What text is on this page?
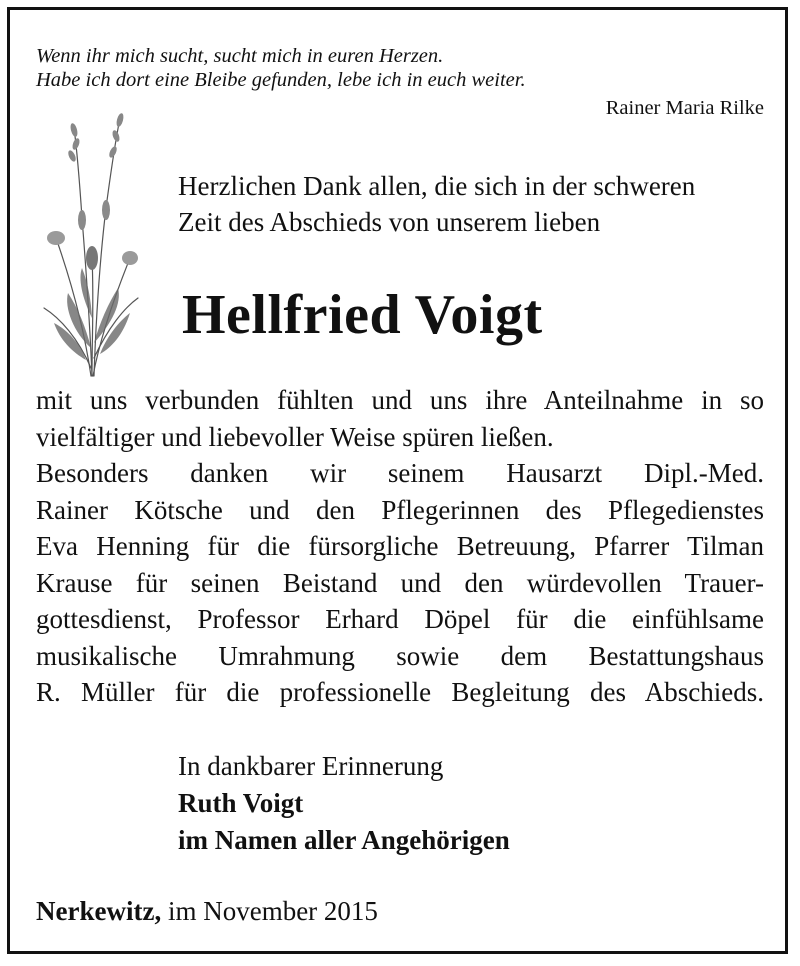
Wenn ihr mich sucht, sucht mich in euren Herzen.
Habe ich dort eine Bleibe gefunden, lebe ich in euch weiter.
Rainer Maria Rilke
Herzlichen Dank allen, die sich in der schweren
Zeit des Abschieds von unserem lieben
Hellfried Voigt

mit uns verbunden fühlten und uns ihre Anteilnahme in so

vielfältiger und liebevoller Weise spüren ließen.

Besonders danken wir seinem Hausarzt Dipl.-Med.

Rainer Kötsche und den Pflegerinnen des Pflegedienstes

Eva Henning für die fürsorgliche Betreuung, Pfarrer Tilman

Krause für seinen Beistand und den würdevollen Trauer-

gottesdienst, Professor Erhard Döpel für die einfühlsame

musikalische Umrahmung sowie dem Bestattungshaus

R. Müller für die professionelle Begleitung des Abschieds.

In dankbarer Erinnerung
Ruth Voigt
im Namen aller Angehörigen
Nerkewitz, im November 2015
